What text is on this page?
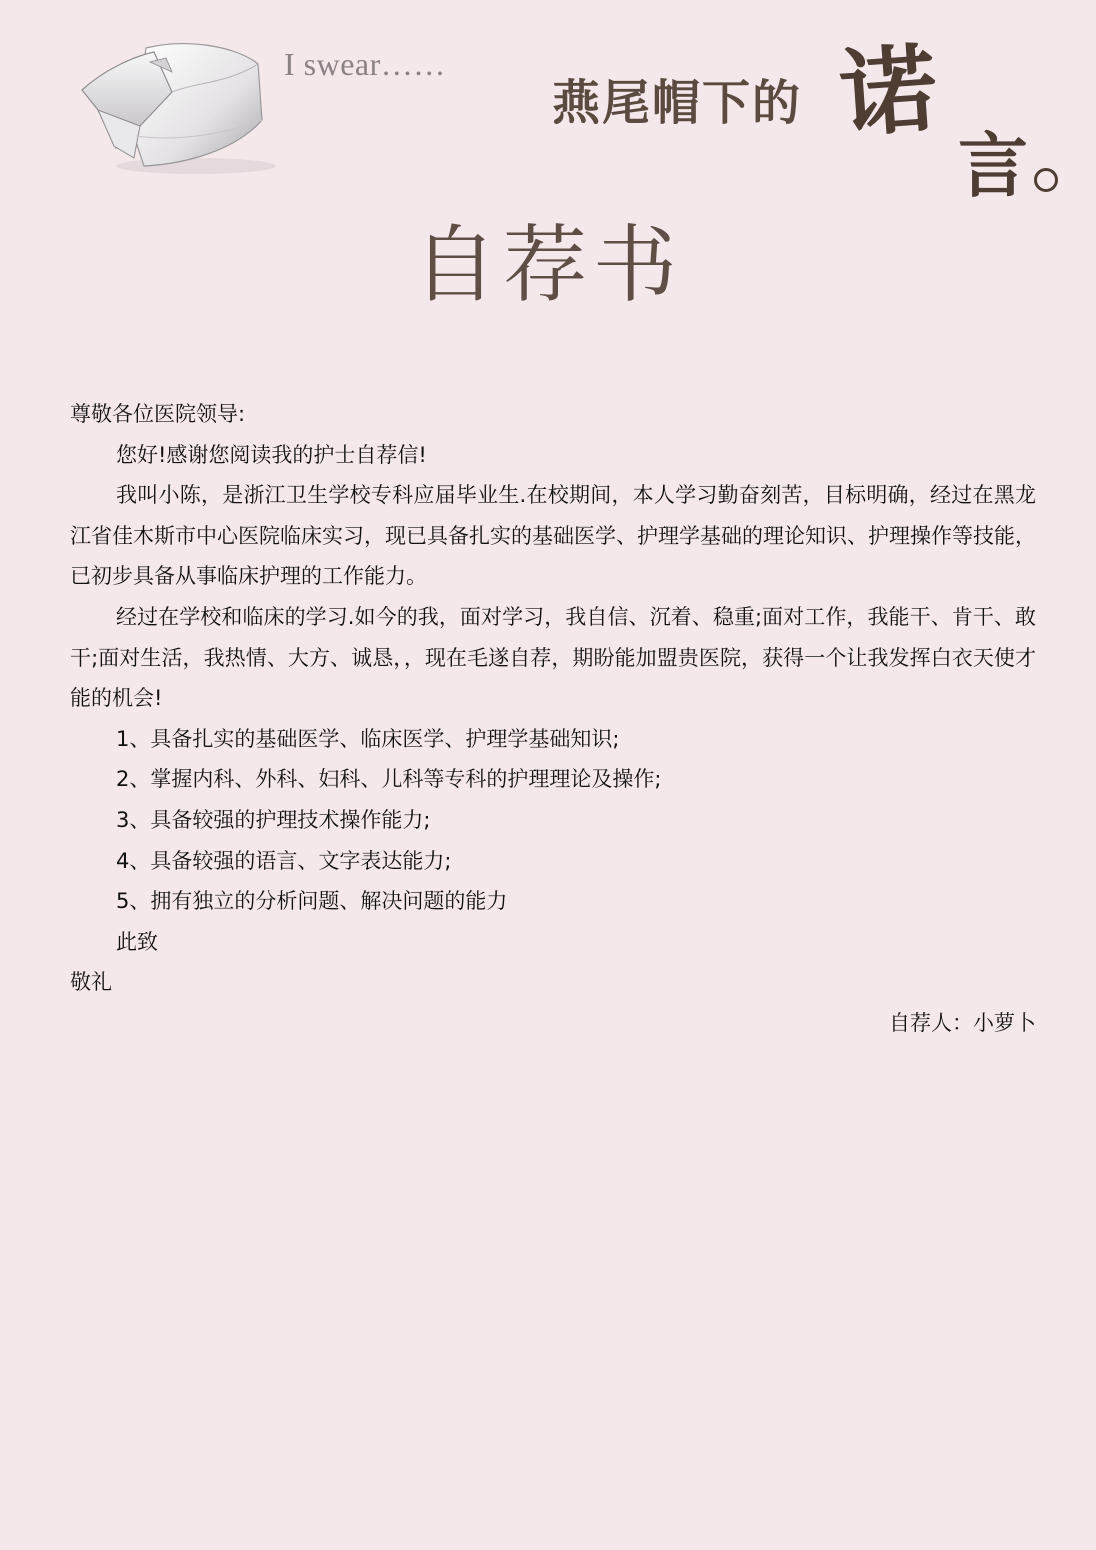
I swear……
燕尾帽下的 诺
言
自荐书

尊敬各位医院领导:

您好!感谢您阅读我的护士自荐信!

我叫小陈，是浙江卫生学校专科应届毕业生.在校期间，本人学习勤奋刻苦，目标明确，经过在黑龙江省佳木斯市中心医院临床实习，现已具备扎实的基础医学、护理学基础的理论知识、护理操作等技能，已初步具备从事临床护理的工作能力。

经过在学校和临床的学习.如今的我，面对学习，我自信、沉着、稳重;面对工作，我能干、肯干、敢干;面对生活，我热情、大方、诚恳，，现在毛遂自荐，期盼能加盟贵医院，获得一个让我发挥白衣天使才能的机会!

1、具备扎实的基础医学、临床医学、护理学基础知识;

2、掌握内科、外科、妇科、儿科等专科的护理理论及操作;

3、具备较强的护理技术操作能力;

4、具备较强的语言、文字表达能力;

5、拥有独立的分析问题、解决问题的能力

此致

敬礼

自荐人：小萝卜
